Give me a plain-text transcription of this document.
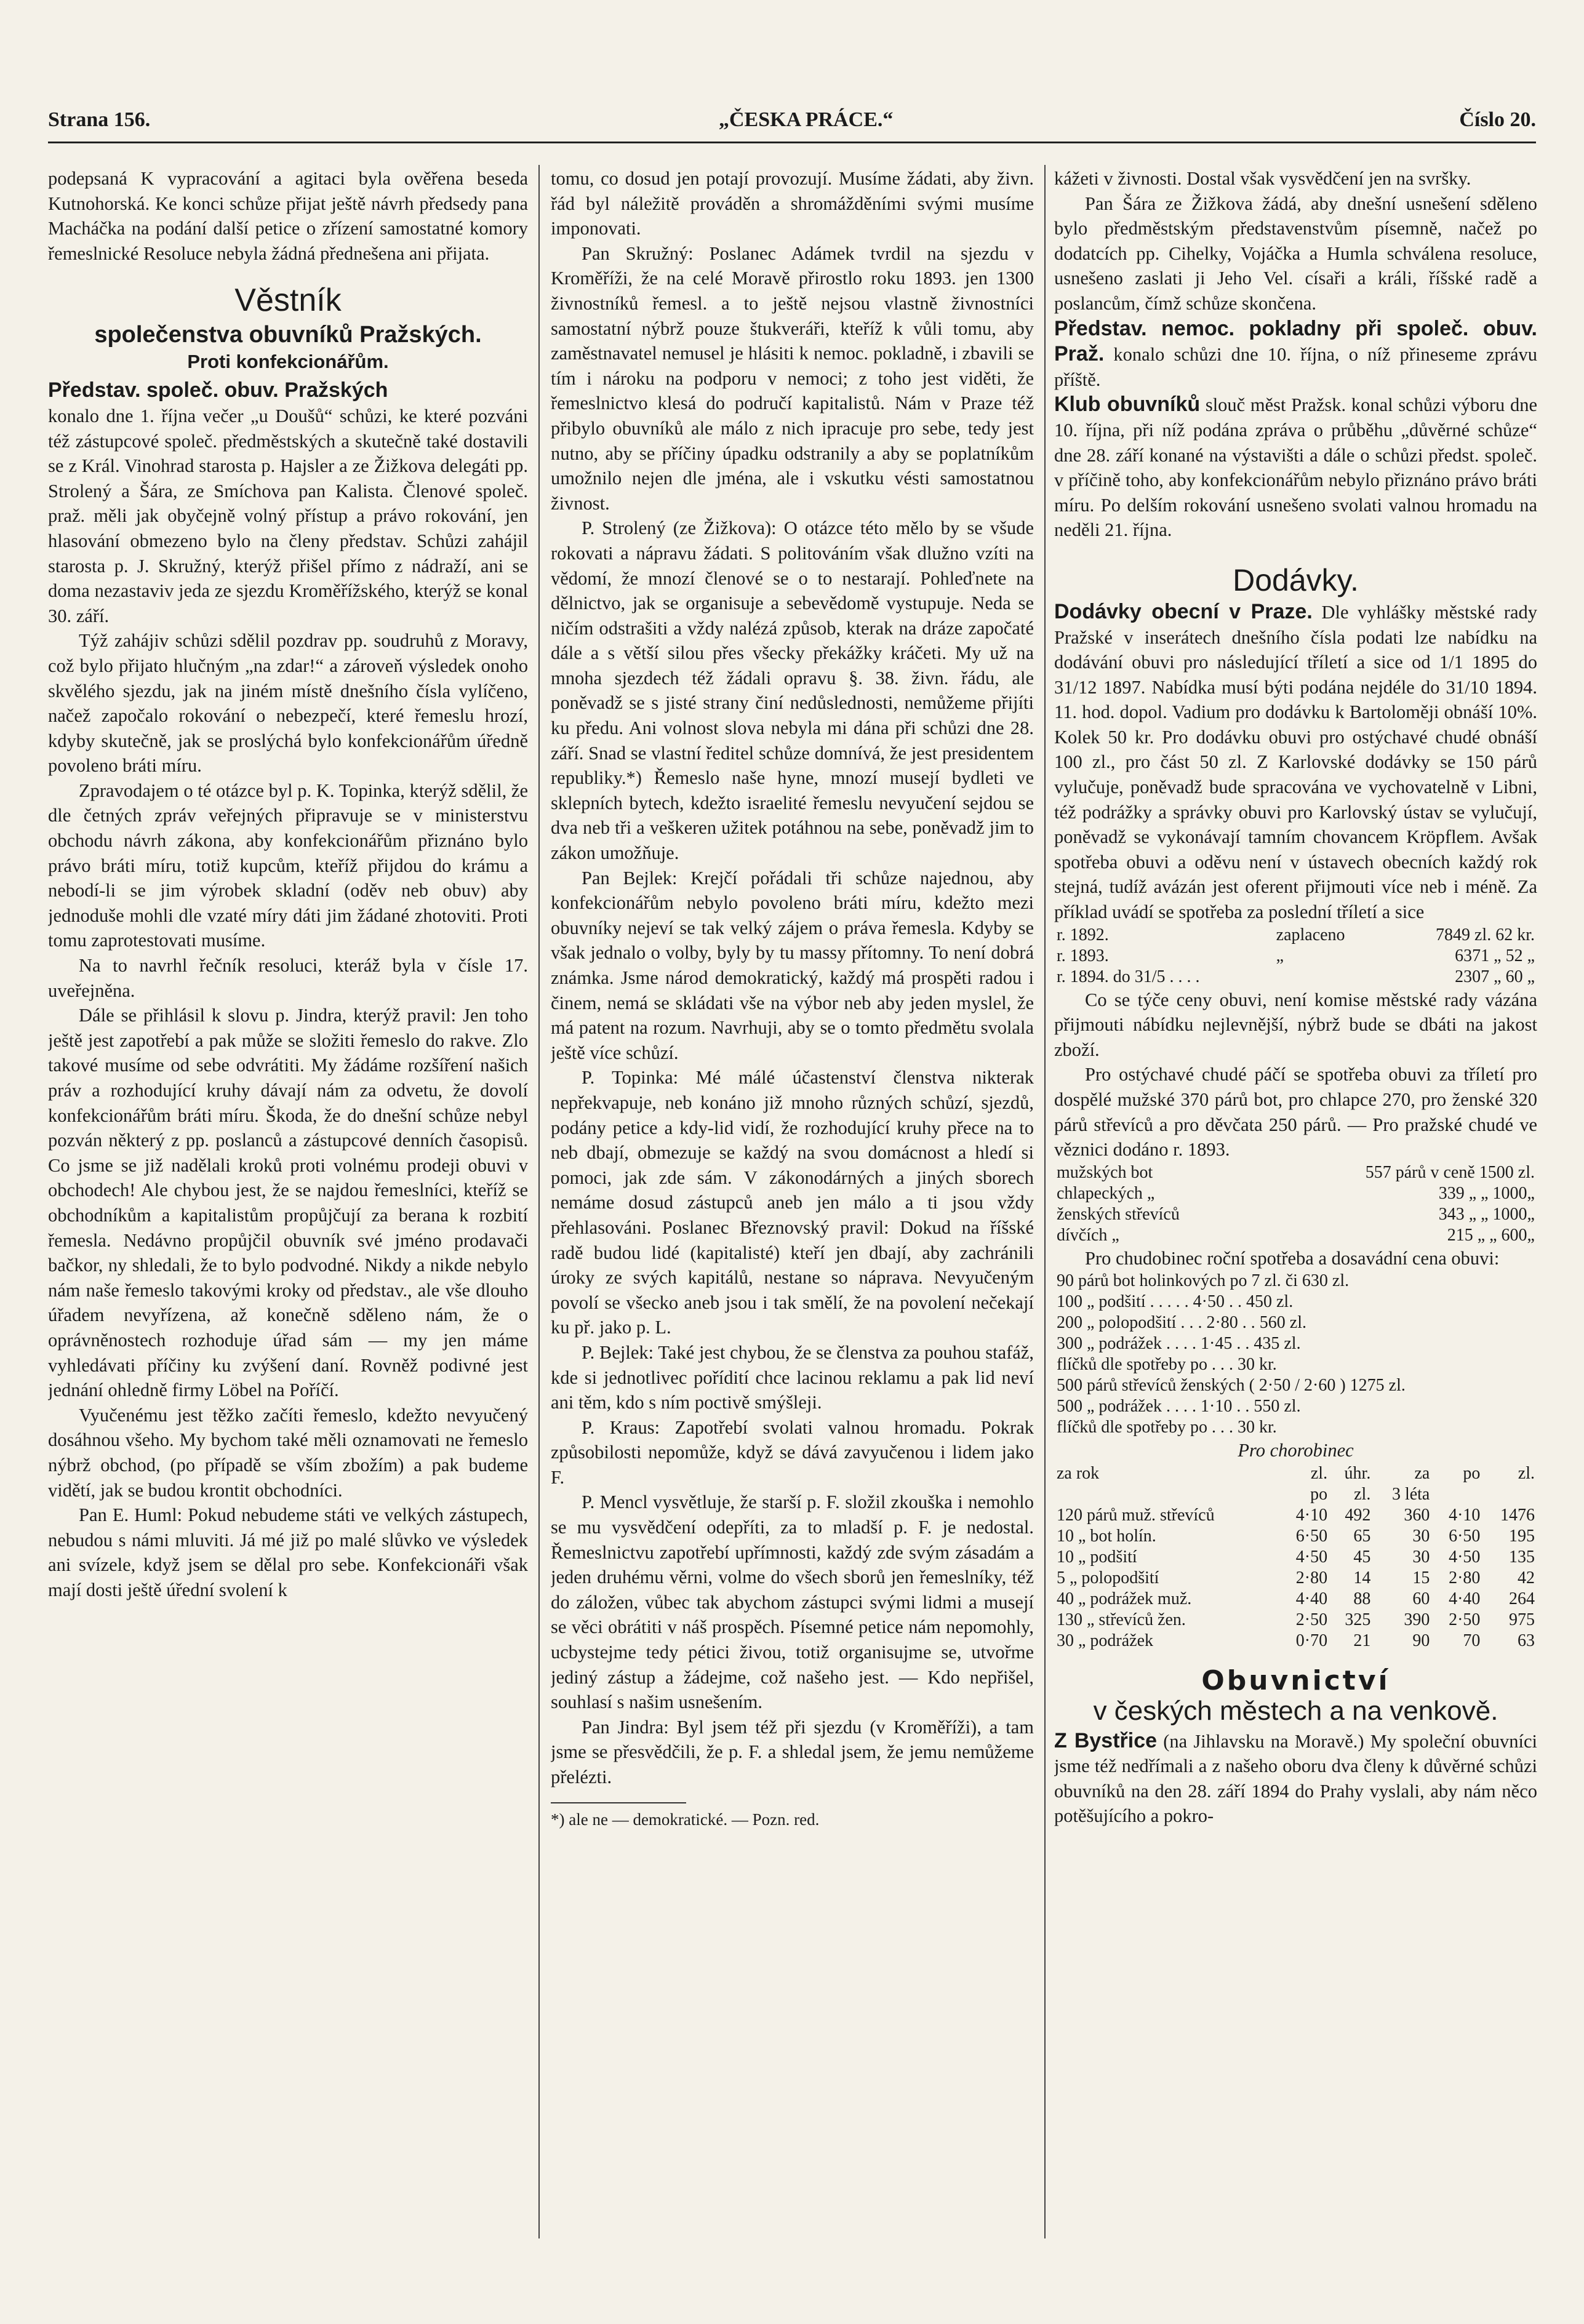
Strana 156.	„ČESKA PRÁCE.“	Číslo 20.

podepsaná K vypracování a agitaci byla ověřena beseda Kutnohorská. Ke konci schůze přijat ještě návrh předsedy pana Macháčka na podání další petice o zřízení samostatné komory řemeslnické Resoluce nebyla žádná přednešena ani přijata.

Věstník
společenstva obuvníků Pražských.
Proti konfekcionářům.

Představ. společ. obuv. Pražských

konalo dne 1. října večer „u Doušů“ schůzi, ke které pozváni též zástupcové společ. předměstských a skutečně také dostavili se z Král. Vinohrad starosta p. Hajsler a ze Žižkova delegáti pp. Strolený a Šára, ze Smíchova pan Kalista. Členové společ. praž. měli jak obyčejně volný přístup a právo rokování, jen hlasování obmezeno bylo na členy představ. Schůzi zahájil starosta p. J. Skružný, kterýž přišel přímo z nádraží, ani se doma nezastaviv jeda ze sjezdu Kroměřížského, kterýž se konal 30. září.

Týž zahájiv schůzi sdělil pozdrav pp. soudruhů z Moravy, což bylo přijato hlučným „na zdar!“ a zároveň výsledek onoho skvělého sjezdu, jak na jiném místě dnešního čísla vylíčeno, načež započalo rokování o nebezpečí, které řemeslu hrozí, kdyby skutečně, jak se proslýchá bylo konfekcionářům úředně povoleno bráti míru.

Zpravodajem o té otázce byl p. K. Topinka, kterýž sdělil, že dle četných zpráv veřejných připravuje se v ministerstvu obchodu návrh zákona, aby konfekcionářům přiznáno bylo právo bráti míru, totiž kupcům, kteříž přijdou do krámu a nebodí-li se jim výrobek skladní (oděv neb obuv) aby jednoduše mohli dle vzaté míry dáti jim žádané zhotoviti. Proti tomu zaprotestovati musíme.

Na to navrhl řečník resoluci, kteráž byla v čísle 17. uveřejněna.

Dále se přihlásil k slovu p. Jindra, kterýž pravil: Jen toho ještě jest zapotřebí a pak může se složiti řemeslo do rakve. Zlo takové musíme od sebe odvrátiti. My žádáme rozšíření našich práv a rozhodující kruhy dávají nám za odvetu, že dovolí konfekcionářům bráti míru. Škoda, že do dnešní schůze nebyl pozván některý z pp. poslanců a zástupcové denních časopisů. Co jsme se již nadělali kroků proti volnému prodeji obuvi v obchodech! Ale chybou jest, že se najdou řemeslníci, kteříž se obchodníkům a kapitalistům propůjčují za berana k rozbití řemesla. Nedávno propůjčil obuvník své jméno prodavači bačkor, ny shledali, že to bylo podvodné. Nikdy a nikde nebylo nám naše řemeslo takovými kroky od představ., ale vše dlouho úřadem nevyřízena, až konečně sděleno nám, že o oprávněnostech rozhoduje úřad sám — my jen máme vyhledávati příčiny ku zvýšení daní. Rovněž podivné jest jednání ohledně firmy Löbel na Poříčí.

Vyučenému jest těžko začíti řemeslo, kdežto nevyučený dosáhnou všeho. My bychom také měli oznamovati ne řemeslo nýbrž obchod, (po případě se vším zbožím) a pak budeme vidětí, jak se budou krontit obchodníci.

Pan E. Huml: Pokud nebudeme státi ve velkých zástupech, nebudou s námi mluviti. Já mé již po malé slůvko ve výsledek ani svízele, když jsem se dělal pro sebe. Konfekcionáři však mají dosti ještě úřední svolení k

tomu, co dosud jen potají provozují. Musíme žádati, aby živn. řád byl náležitě prováděn a shromážděními svými musíme imponovati.

Pan Skružný: Poslanec Adámek tvrdil na sjezdu v Kroměříži, že na celé Moravě přirostlo roku 1893. jen 1300 živnostníků řemesl. a to ještě nejsou vlastně živnostníci samostatní nýbrž pouze štukveráři, kteříž k vůli tomu, aby zaměstnavatel nemusel je hlásiti k nemoc. pokladně, i zbavili se tím i nároku na podporu v nemoci; z toho jest viděti, že řemeslnictvo klesá do područí kapitalistů. Nám v Praze též přibylo obuvníků ale málo z nich ipracuje pro sebe, tedy jest nutno, aby se příčiny úpadku odstranily a aby se poplatníkům umožnilo nejen dle jména, ale i vskutku vésti samostatnou živnost.

P. Strolený (ze Žižkova): O otázce této mělo by se všude rokovati a nápravu žádati. S politováním však dlužno vzíti na vědomí, že mnozí členové se o to nestarají. Pohleďnete na dělnictvo, jak se organisuje a sebevědomě vystupuje. Neda se ničím odstrašiti a vždy nalézá způsob, kterak na dráze započaté dále a s větší silou přes všecky překážky kráčeti. My už na mnoha sjezdech též žádali opravu §. 38. živn. řádu, ale poněvadž se s jisté strany činí nedůslednosti, nemůžeme přijíti ku předu. Ani volnost slova nebyla mi dána při schůzi dne 28. září. Snad se vlastní ředitel schůze domnívá, že jest presidentem republiky.*) Řemeslo naše hyne, mnozí musejí bydleti ve sklepních bytech, kdežto israelité řemeslu nevyučení sejdou se dva neb tři a veškeren užitek potáhnou na sebe, poněvadž jim to zákon umožňuje.

Pan Bejlek: Krejčí pořádali tři schůze najednou, aby konfekcionářům nebylo povoleno bráti míru, kdežto mezi obuvníky nejeví se tak velký zájem o práva řemesla. Kdyby se však jednalo o volby, byly by tu massy přítomny. To není dobrá známka. Jsme národ demokratický, každý má prospěti radou i činem, nemá se skládati vše na výbor neb aby jeden myslel, že má patent na rozum. Navrhuji, aby se o tomto předmětu svolala ještě více schůzí.

P. Topinka: Mé málé účastenství členstva nikterak nepřekvapuje, neb konáno již mnoho různých schůzí, sjezdů, podány petice a kdy-lid vidí, že rozhodující kruhy přece na to neb dbají, obmezuje se každý na svou domácnost a hledí si pomoci, jak zde sám. V zákonodárných a jiných sborech nemáme dosud zástupců aneb jen málo a ti jsou vždy přehlasováni. Poslanec Březnovský pravil: Dokud na říšské radě budou lidé (kapitalisté) kteří jen dbají, aby zachránili úroky ze svých kapitálů, nestane so náprava. Nevyučeným povolí se všecko aneb jsou i tak smělí, že na povolení nečekají ku př. jako p. L.

P. Bejlek: Také jest chybou, že se členstva za pouhou stafáž, kde si jednotlivec pořídití chce lacinou reklamu a pak lid neví ani těm, kdo s ním poctivě smýšleji.

P. Kraus: Zapotřebí svolati valnou hromadu. Pokrak způsobilosti nepomůže, když se dává zavyučenou i lidem jako F.

P. Mencl vysvětluje, že starší p. F. složil zkouška i nemohlo se mu vysvědčení odepříti, za to mladší p. F. je nedostal. Řemeslnictvu zapotřebí upřímnosti, každý zde svým zásadám a jeden druhému věrni, volme do všech sborů jen řemeslníky, též do záložen, vůbec tak abychom zástupci svými lidmi a musejí se věci obrátiti v náš prospěch. Písemné petice nám nepomohly, ucbystejme tedy pétici živou, totiž organisujme se, utvořme jediný zástup a žádejme, což našeho jest. — Kdo nepřišel, souhlasí s našim usnešením.

Pan Jindra: Byl jsem též při sjezdu (v Kroměříži), a tam jsme se přesvědčili, že p. F. a shledal jsem, že jemu nemůžeme přelézti.

*) ale ne — demokratické. — Pozn. red.

kážeti v živnosti. Dostal však vysvědčení jen na svršky.

Pan Šára ze Žižkova žádá, aby dnešní usnešení sděleno bylo předměstským představenstvům písemně, načež po dodatcích pp. Cihelky, Vojáčka a Humla schválena resoluce, usnešeno zaslati ji Jeho Vel. císaři a králi, říšské radě a poslancům, čímž schůze skončena.

Představ. nemoc. pokladny při společ. obuv. Praž. konalo schůzi dne 10. října, o níž přineseme zprávu příště.

Klub obuvníků slouč měst Pražsk. konal schůzi výboru dne 10. října, při níž podána zpráva o průběhu „důvěrné schůze“ dne 28. září konané na výstavišti a dále o schůzi předst. společ. v příčině toho, aby konfekcionářům nebylo přiznáno právo bráti míru. Po delším rokování usnešeno svolati valnou hromadu na neděli 21. října.

Dodávky.

Dodávky obecní v Praze. Dle vyhlášky městské rady Pražské v inserátech dnešního čísla podati lze nabídku na dodávání obuvi pro následující tříletí a sice od 1/1 1895 do 31/12 1897. Nabídka musí býti podána nejdéle do 31/10 1894. 11. hod. dopol. Vadium pro dodávku k Bartoloměji obnáší 10%. Kolek 50 kr. Pro dodávku obuvi pro ostýchavé chudé obnáší 100 zl., pro část 50 zl. Z Karlovské dodávky se 150 párů vylučuje, poněvadž bude spracována ve vychovatelně v Libni, též podrážky a správky obuvi pro Karlovský ústav se vylučují, poněvadž se vykonávají tamním chovancem Kröpflem. Avšak spotřeba obuvi a oděvu není v ústavech obecních každý rok stejná, tudíž avázán jest oferent přijmouti více neb i méně. Za příklad uvádí se spotřeba za poslední tříletí a sice

r. 1892.	zaplaceno	7849 zl. 62 kr.
r. 1893.	„	6371 „ 52 „
r. 1894. do 31/5 . . . .		2307 „ 60 „

Co se týče ceny obuvi, není komise městské rady vázána přijmouti nábídku nejlevnější, nýbrž bude se dbáti na jakost zboží.

Pro ostýchavé chudé páčí se spotřeba obuvi za tříletí pro dospělé mužské 370 párů bot, pro chlapce 270, pro ženské 320 párů střevíců a pro děvčata 250 párů. — Pro pražské chudé ve věznici dodáno r. 1893.

mužských bot	557 párů v ceně 1500 zl.
chlapeckých „	339 „ „ 1000„
ženských střevíců	343 „ „ 1000„
dívčích „	215 „ „ 600„

Pro chudobinec roční spotřeba a dosavádní cena obuvi:

90 párů bot holinkových po 7 zl. či 630 zl.
100 „ podšití . . . . . 4·50 . . 450 zl.
200 „ polopodšití . . . 2·80 . . 560 zl.
300 „ podrážek . . . . 1·45 . . 435 zl.
flíčků dle spotřeby po . . . 30 kr.
500 párů střevíců ženských ( 2·50 / 2·60 ) 1275 zl.
500 „ podrážek . . . . 1·10 . . 550 zl.
flíčků dle spotřeby po . . . 30 kr.

Pro chorobinec

za rok	zl.	úhr.	za	po	zl.
	po	zl.	3 léta		
120 párů muž. střevíců	4·10	492	360	4·10	1476
10 „ bot holín.	6·50	65	30	6·50	195
10 „ podšití	4·50	45	30	4·50	135
5 „ polopodšití	2·80	14	15	2·80	42
40 „ podrážek muž.	4·40	88	60	4·40	264
130 „ střevíců žen.	2·50	325	390	2·50	975
30 „ podrážek	0·70	21	90	70	63
Obuvnictví
v českých městech a na venkově.

Z Bystřice (na Jihlavsku na Moravě.) My společní obuvníci jsme též nedřímali a z našeho oboru dva členy k důvěrné schůzi obuvníků na den 28. září 1894 do Prahy vyslali, aby nám něco potěšujícího a pokro-
